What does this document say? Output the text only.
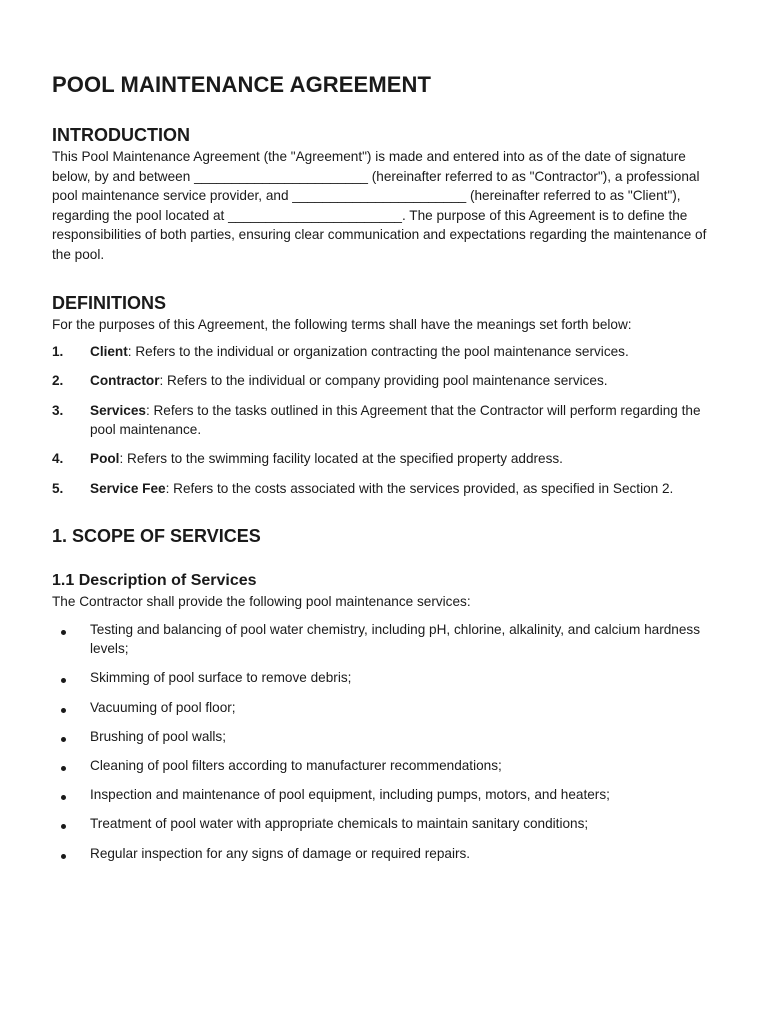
POOL MAINTENANCE AGREEMENT
INTRODUCTION

This Pool Maintenance Agreement (the "Agreement") is made and entered into as of the date of signature below, by and between _______________________ (hereinafter referred to as "Contractor"), a professional pool maintenance service provider, and _______________________ (hereinafter referred to as "Client"), regarding the pool located at _______________________. The purpose of this Agreement is to define the responsibilities of both parties, ensuring clear communication and expectations regarding the maintenance of the pool.

DEFINITIONS

For the purposes of this Agreement, the following terms shall have the meanings set forth below:

1.	Client: Refers to the individual or organization contracting the pool maintenance services.
2.	Contractor: Refers to the individual or company providing pool maintenance services.
3.	Services: Refers to the tasks outlined in this Agreement that the Contractor will perform regarding the pool maintenance.
4.	Pool: Refers to the swimming facility located at the specified property address.
5.	Service Fee: Refers to the costs associated with the services provided, as specified in Section 2.
1. SCOPE OF SERVICES
1.1 Description of Services

The Contractor shall provide the following pool maintenance services:

Testing and balancing of pool water chemistry, including pH, chlorine, alkalinity, and calcium hardness levels;
Skimming of pool surface to remove debris;
Vacuuming of pool floor;
Brushing of pool walls;
Cleaning of pool filters according to manufacturer recommendations;
Inspection and maintenance of pool equipment, including pumps, motors, and heaters;
Treatment of pool water with appropriate chemicals to maintain sanitary conditions;
Regular inspection for any signs of damage or required repairs.
